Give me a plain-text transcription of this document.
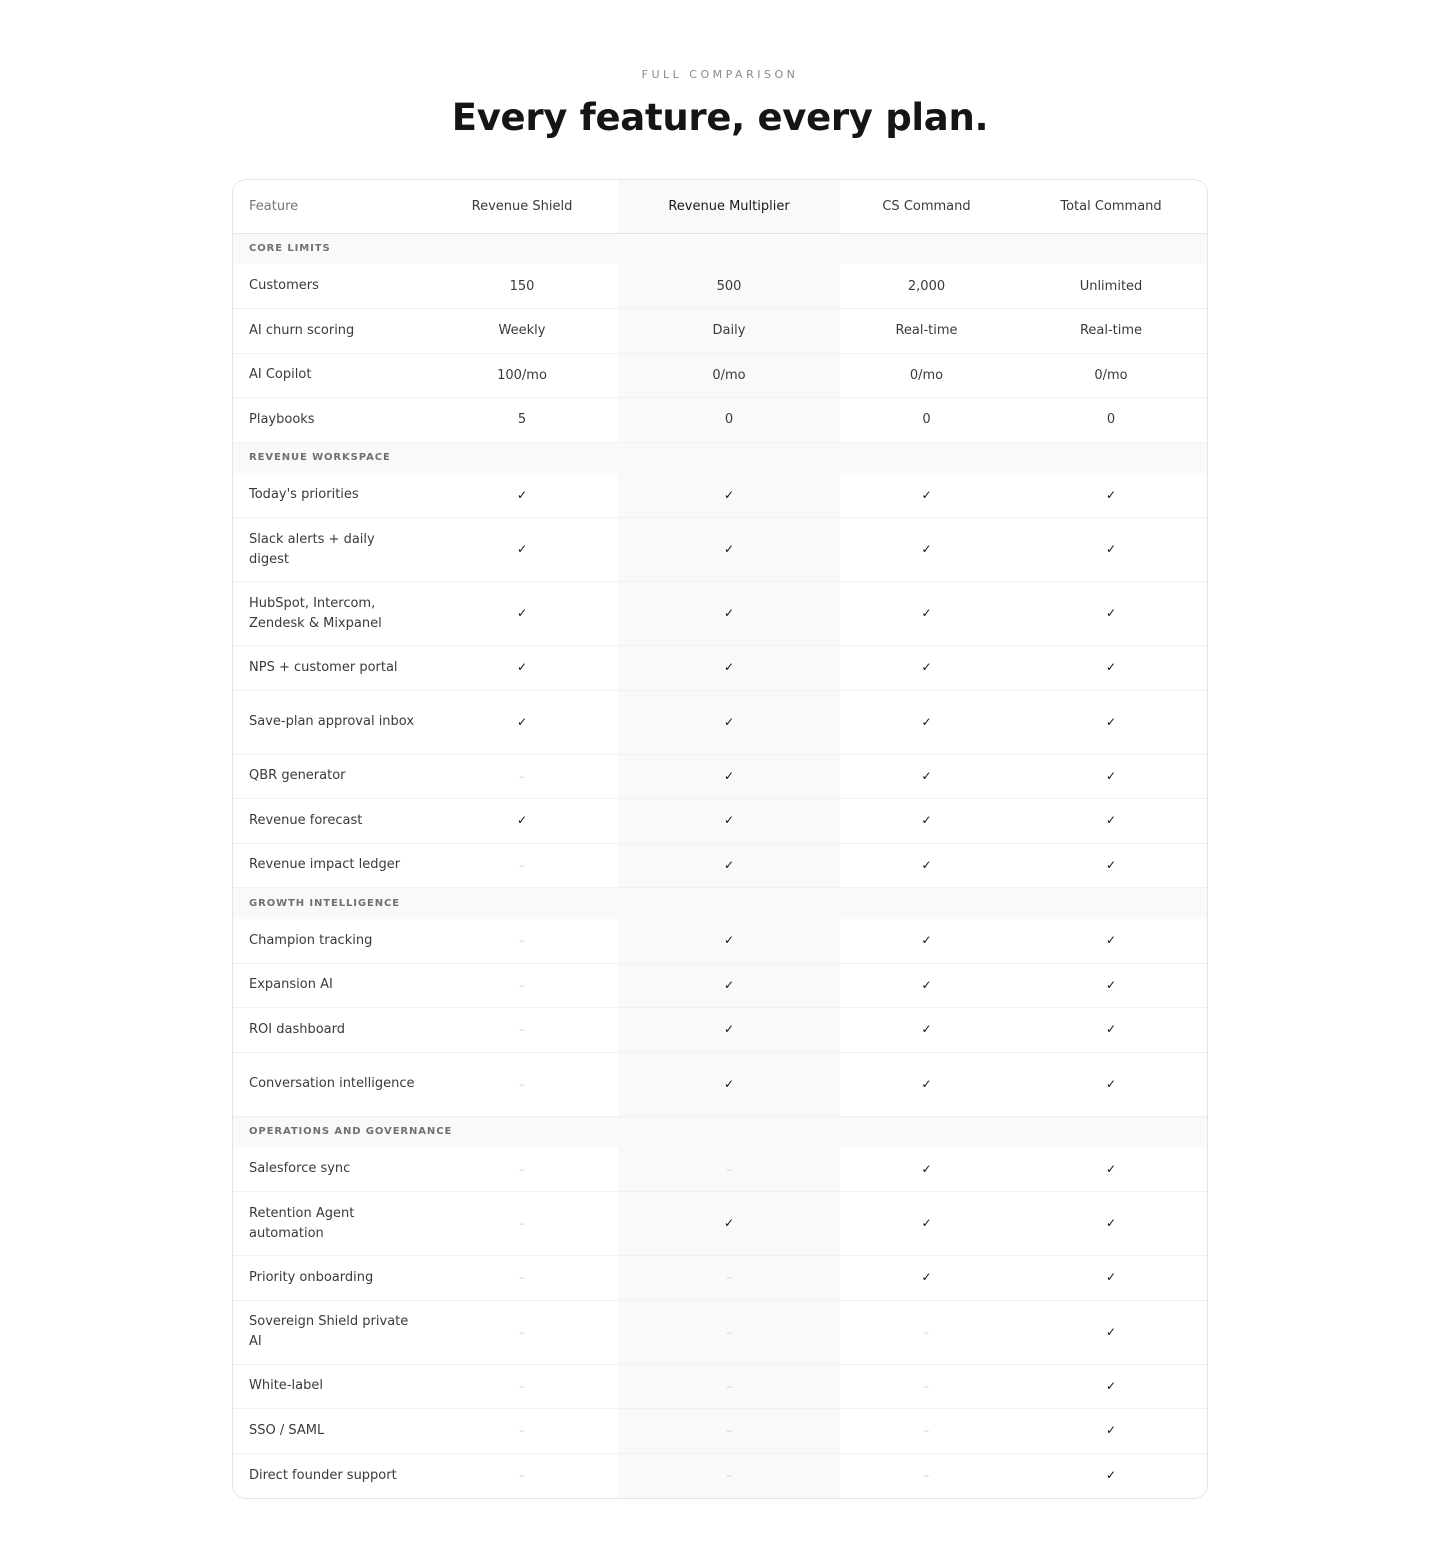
FULL COMPARISON
Every feature, every plan.
Feature	Revenue Shield	Revenue Multiplier	CS Command	Total Command
CORE LIMITS				

Customers	150	500	2,000	Unlimited

AI churn scoring	Weekly	Daily	Real-time	Real-time

AI Copilot	100/mo	0/mo	0/mo	0/mo

Playbooks	5	0	0	0
REVENUE WORKSPACE				

Today's priorities	✓	✓	✓	✓

Slack alerts + daily digest	✓	✓	✓	✓

HubSpot, Intercom, Zendesk & Mixpanel	✓	✓	✓	✓

NPS + customer portal	✓	✓	✓	✓

Save-plan approval inbox	✓	✓	✓	✓

QBR generator	–	✓	✓	✓

Revenue forecast	✓	✓	✓	✓

Revenue impact ledger	–	✓	✓	✓
GROWTH INTELLIGENCE				

Champion tracking	–	✓	✓	✓

Expansion AI	–	✓	✓	✓

ROI dashboard	–	✓	✓	✓

Conversation intelligence	–	✓	✓	✓
OPERATIONS AND GOVERNANCE				

Salesforce sync	–	–	✓	✓

Retention Agent automation	–	✓	✓	✓

Priority onboarding	–	–	✓	✓

Sovereign Shield private AI	–	–	–	✓

White-label	–	–	–	✓

SSO / SAML	–	–	–	✓

Direct founder support	–	–	–	✓
